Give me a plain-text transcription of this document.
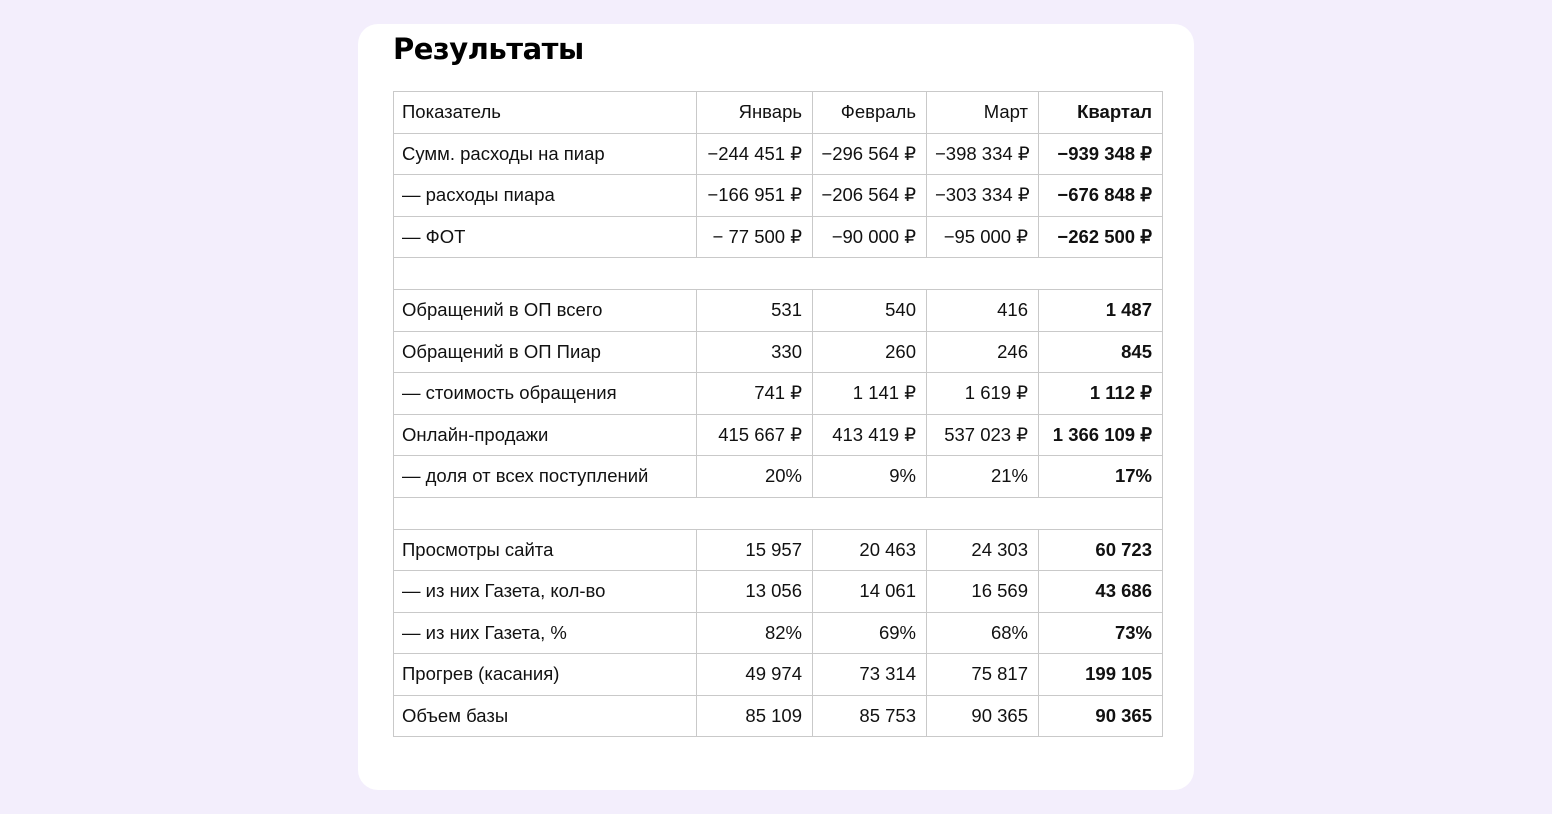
Результаты
Показатель	Январь	Февраль	Март	Квартал
Сумм. расходы на пиар	−244 451 ₽	−296 564 ₽	−398 334 ₽	−939 348 ₽
— расходы пиара	−166 951 ₽	−206 564 ₽	−303 334 ₽	−676 848 ₽
— ФОТ	− 77 500 ₽	−90 000 ₽	−95 000 ₽	−262 500 ₽

Обращений в ОП всего	531	540	416	1 487
Обращений в ОП Пиар	330	260	246	845
— стоимость обращения	741 ₽	1 141 ₽	1 619 ₽	1 112 ₽
Онлайн-продажи	415 667 ₽	413 419 ₽	537 023 ₽	1 366 109 ₽
— доля от всех поступлений	20%	9%	21%	17%

Просмотры сайта	15 957	20 463	24 303	60 723
— из них Газета, кол-во	13 056	14 061	16 569	43 686
— из них Газета, %	82%	69%	68%	73%
Прогрев (касания)	49 974	73 314	75 817	199 105
Объем базы	85 109	85 753	90 365	90 365
